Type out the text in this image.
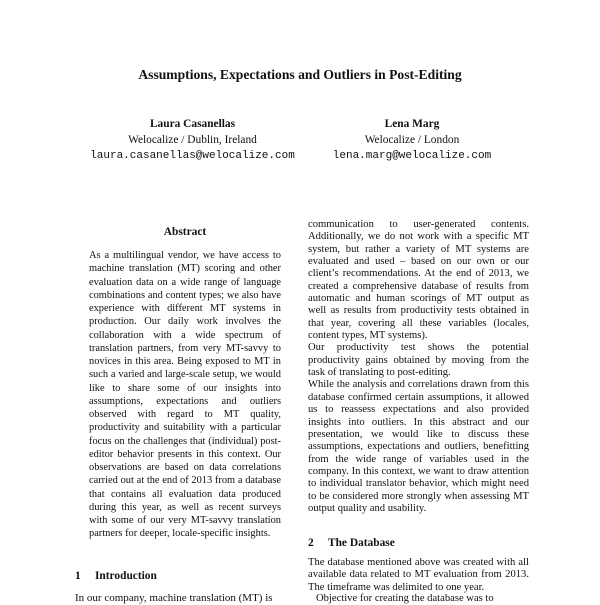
Assumptions, Expectations and Outliers in Post-Editing
Laura Casanellas
Welocalize / Dublin, Ireland
laura.casanellas@welocalize.com
Lena Marg
Welocalize / London
lena.marg@welocalize.com
Abstract

As a multilingual vendor, we have access to machine translation (MT) scoring and other evaluation data on a wide range of language combinations and content types; we also have experience with different MT systems in production. Our daily work involves the collaboration with a wide spectrum of translation partners, from very MT-savvy to novices in this area. Being exposed to MT in such a varied and large-scale setup, we would like to share some of our insights into assumptions, expectations and outliers observed with regard to MT quality, productivity and suitability with a particular focus on the challenges that (individual) post-editor behavior presents in this context. Our observations are based on data correlations carried out at the end of 2013 from a database that contains all evaluation data produced during this year, as well as recent surveys with some of our very MT-savvy translation partners for deeper, locale-specific insights.

1 Introduction
In our company, machine translation (MT) is

communication to user-generated contents. Additionally, we do not work with a specific MT system, but rather a variety of MT systems are evaluated and used – based on our own or our client’s recommendations. At the end of 2013, we created a comprehensive database of results from automatic and human scorings of MT output as well as results from productivity tests obtained in that year, covering all these variables (locales, content types, MT systems).

Our productivity test shows the potential productivity gains obtained by moving from the task of translating to post-editing.

While the analysis and correlations drawn from this database confirmed certain assumptions, it allowed us to reassess expectations and also provided insights into outliers. In this abstract and our presentation, we would like to discuss these assumptions, expectations and outliers, benefitting from the wide range of variables used in the company. In this context, we want to draw attention to individual translator behavior, which might need to be considered more strongly when assessing MT output quality and usability.

2 The Database

The database mentioned above was created with all available data related to MT evaluation from 2013. The timeframe was delimited to one year.

Objective for creating the database was to
